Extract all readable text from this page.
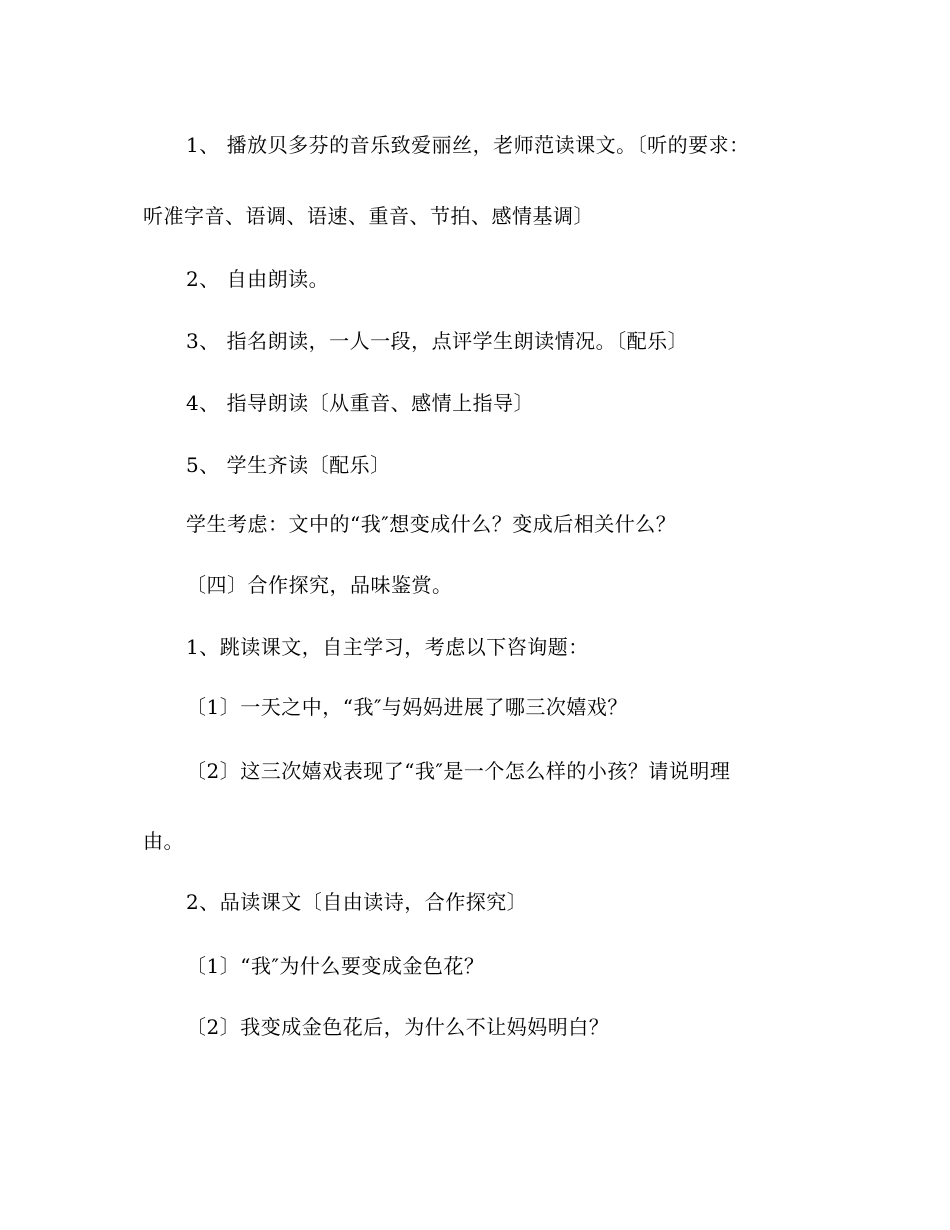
1、 播放贝多芬的音乐致爱丽丝，老师范读课文。〔听的要求：
听准字音、语调、语速、重音、节拍、感情基调〕
2、 自由朗读。
3、 指名朗读，一人一段，点评学生朗读情况。〔配乐〕
4、 指导朗读〔从重音、感情上指导〕
5、 学生齐读〔配乐〕
学生考虑：文中的“我″想变成什么？变成后相关什么？
〔四〕合作探究，品味鉴赏。
1、跳读课文，自主学习，考虑以下咨询题：
〔1〕一天之中，“我″与妈妈进展了哪三次嬉戏？
〔2〕这三次嬉戏表现了“我″是一个怎么样的小孩？请说明理
由。
2、品读课文〔自由读诗，合作探究〕
〔1〕“我″为什么要变成金色花？
〔2〕我变成金色花后，为什么不让妈妈明白？
